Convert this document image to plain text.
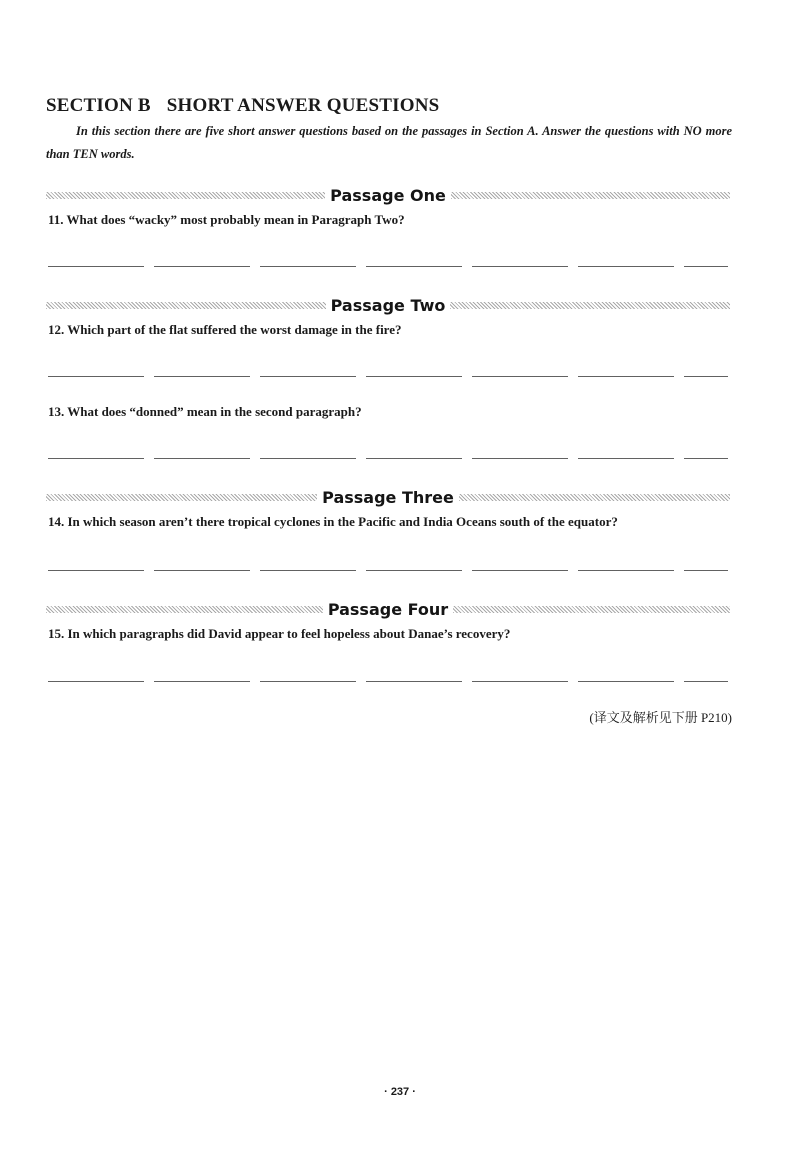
SECTION B SHORT ANSWER QUESTIONS
In this section there are five short answer questions based on the passages in Section A. Answer the questions with NO more than TEN words.
Passage One
11. What does “wacky” most probably mean in Paragraph Two?
Passage Two
12. Which part of the flat suffered the worst damage in the fire?
13. What does “donned” mean in the second paragraph?
Passage Three
14. In which season aren’t there tropical cyclones in the Pacific and India Oceans south of the equator?
Passage Four
15. In which paragraphs did David appear to feel hopeless about Danae’s recovery?
(译文及解析见下册 P210)
· 237 ·
